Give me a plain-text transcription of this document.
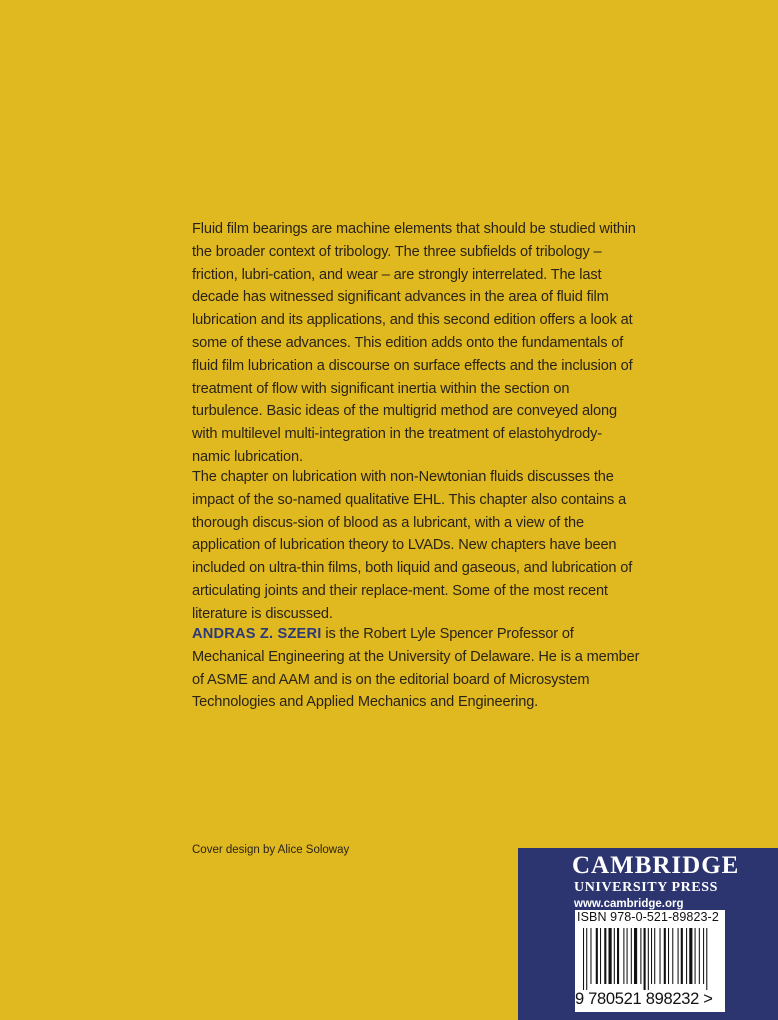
Fluid film bearings are machine elements that should be studied within the broader context of tribology. The three subfields of tribology – friction, lubri-cation, and wear – are strongly interrelated. The last decade has witnessed significant advances in the area of fluid film lubrication and its applications, and this second edition offers a look at some of these advances. This edition adds onto the fundamentals of fluid film lubrication a discourse on surface effects and the inclusion of treatment of flow with significant inertia within the section on turbulence. Basic ideas of the multigrid method are conveyed along with multilevel multi-integration in the treatment of elastohydrody-namic lubrication.

The chapter on lubrication with non-Newtonian fluids discusses the impact of the so-named qualitative EHL. This chapter also contains a thorough discus-sion of blood as a lubricant, with a view of the application of lubrication theory to LVADs. New chapters have been included on ultra-thin films, both liquid and gaseous, and lubrication of articulating joints and their replace-ment. Some of the most recent literature is discussed.

ANDRAS Z. SZERI is the Robert Lyle Spencer Professor of Mechanical Engineering at the University of Delaware. He is a member of ASME and AAM and is on the editorial board of Microsystem Technologies and Applied Mechanics and Engineering.

Cover design by Alice Soloway
CAMBRIDGE
UNIVERSITY PRESS
www.cambridge.org
ISBN 978-0-521-89823-2
9 780521 898232 >
